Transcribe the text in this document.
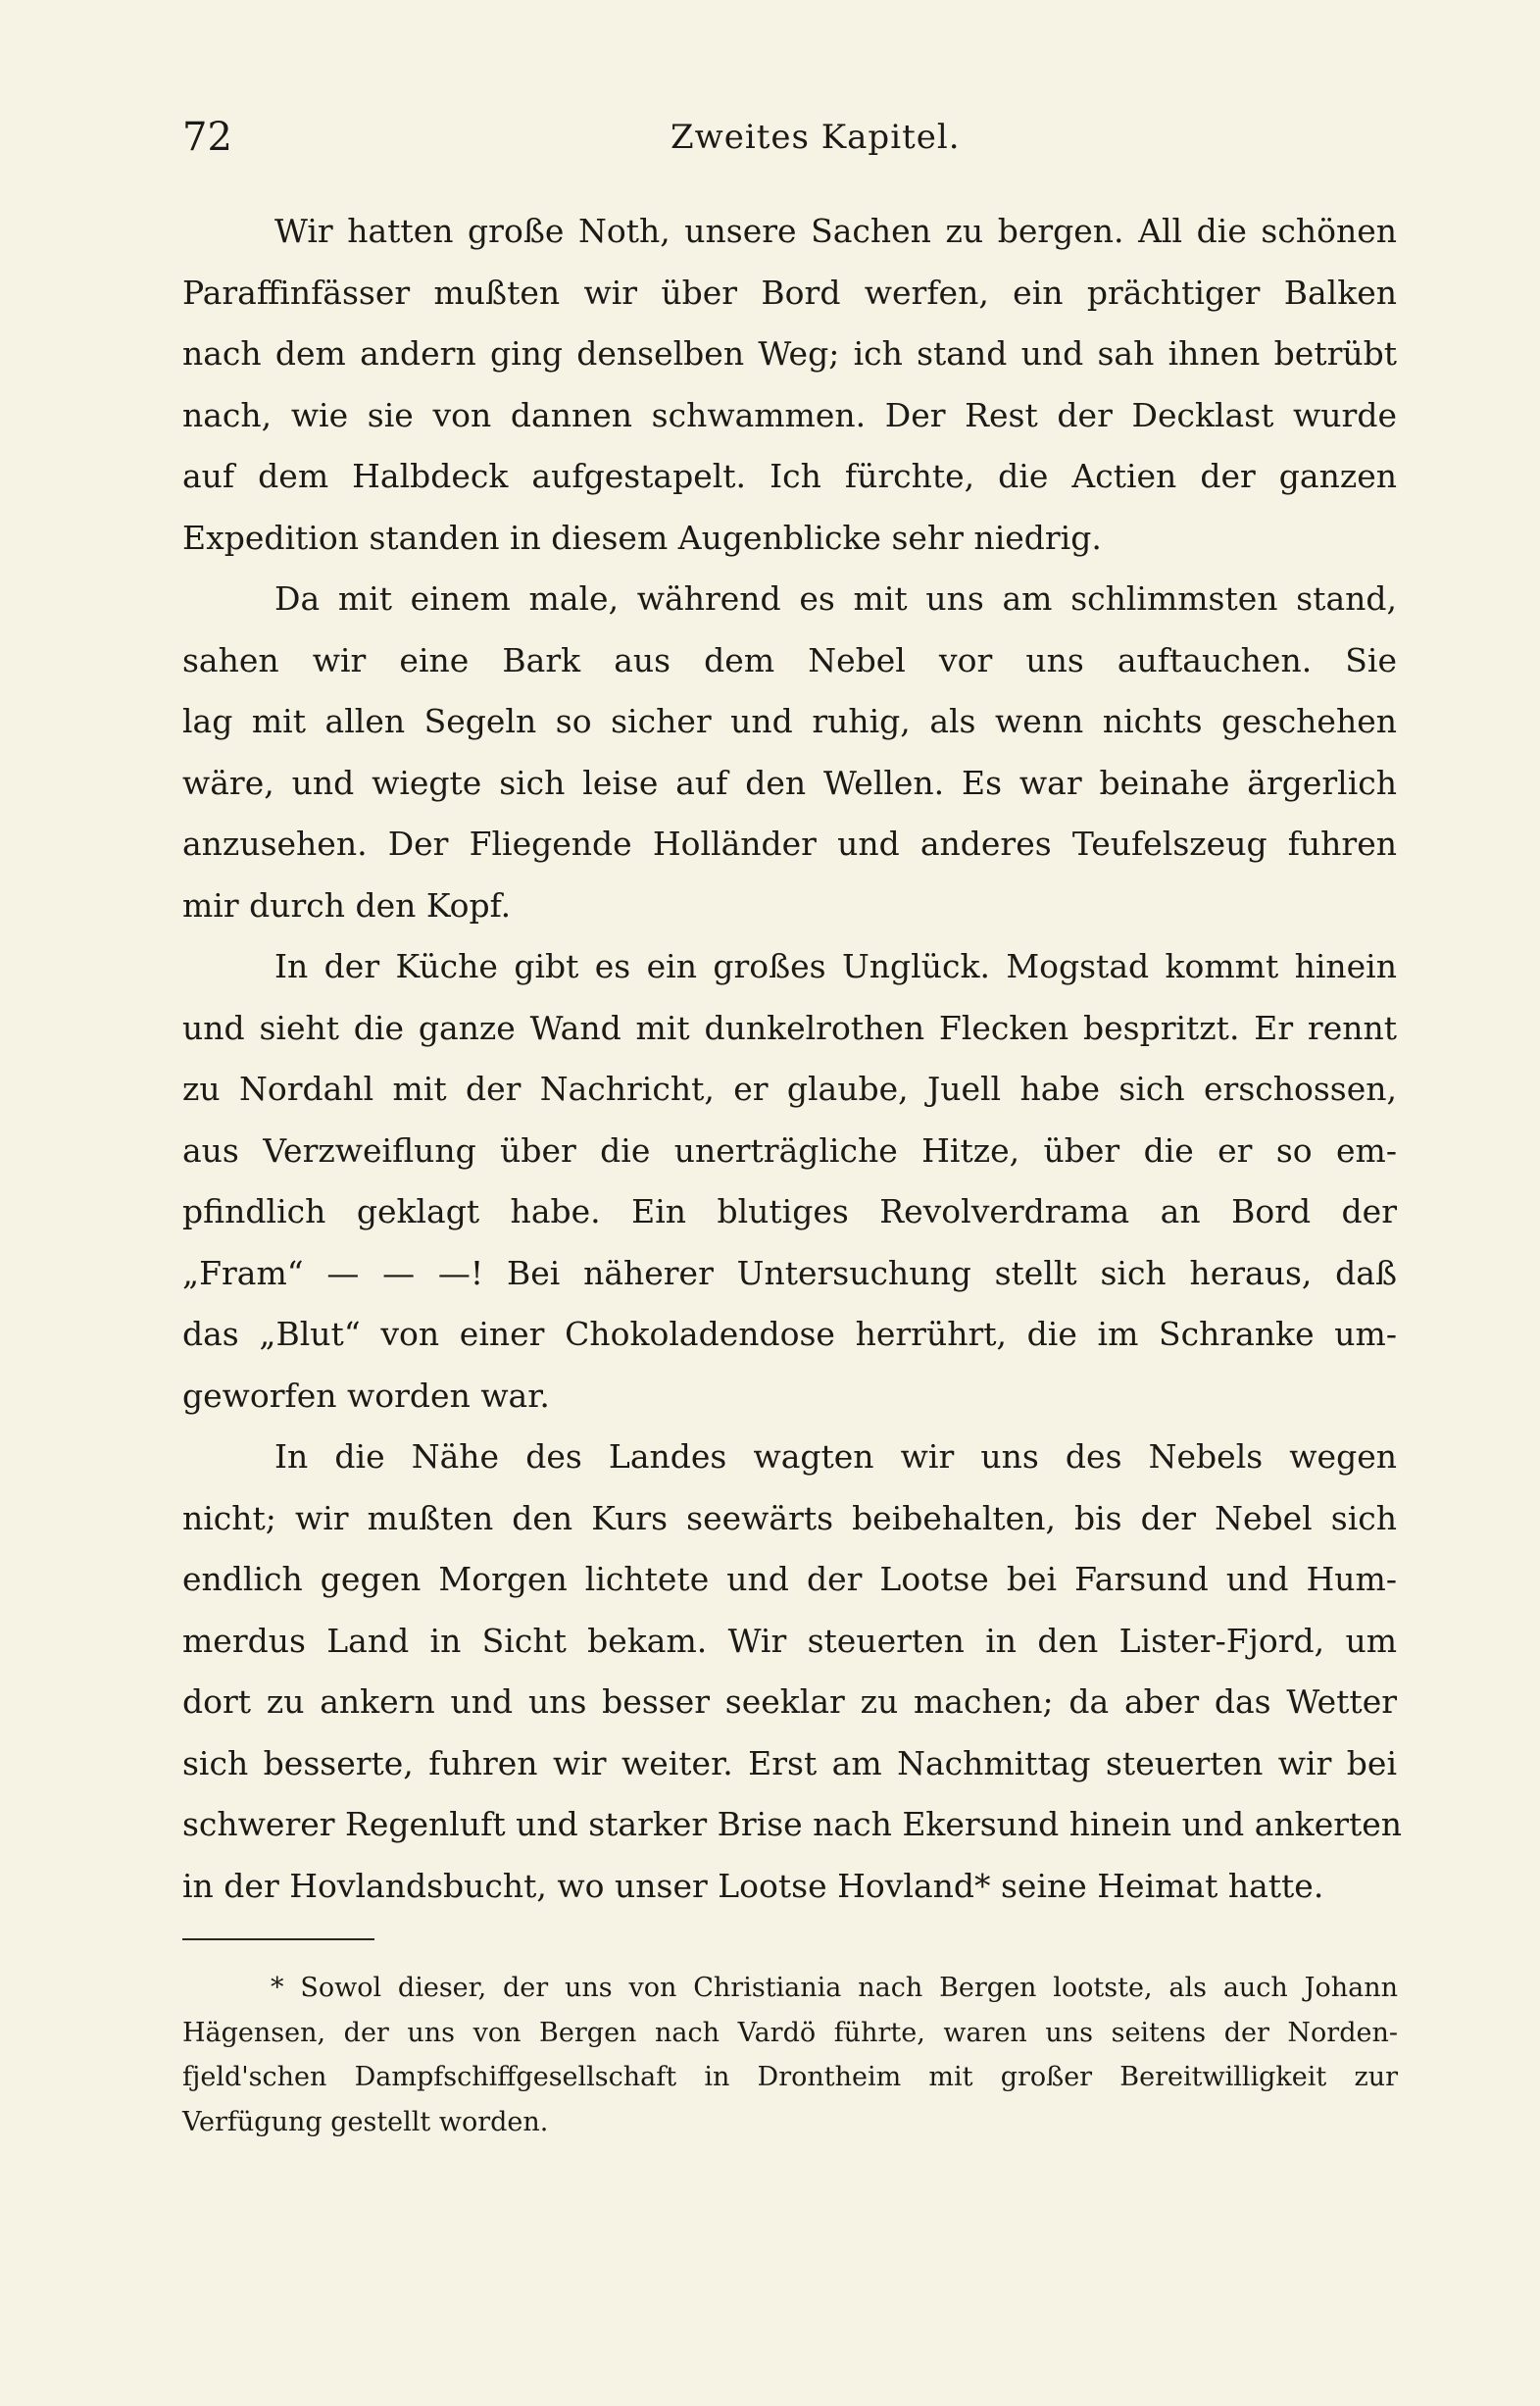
72	Zweites Kapitel.

Wir hatten große Noth, unsere Sachen zu bergen. All die schönen
Paraffinfässer mußten wir über Bord werfen, ein prächtiger Balken
nach dem andern ging denselben Weg; ich stand und sah ihnen betrübt
nach, wie sie von dannen schwammen. Der Rest der Decklast wurde
auf dem Halbdeck aufgestapelt. Ich fürchte, die Actien der ganzen
Expedition standen in diesem Augenblicke sehr niedrig.

Da mit einem male, während es mit uns am schlimmsten stand,
sahen wir eine Bark aus dem Nebel vor uns auftauchen. Sie
lag mit allen Segeln so sicher und ruhig, als wenn nichts geschehen
wäre, und wiegte sich leise auf den Wellen. Es war beinahe ärgerlich
anzusehen. Der Fliegende Holländer und anderes Teufelszeug fuhren
mir durch den Kopf.

In der Küche gibt es ein großes Unglück. Mogstad kommt hinein
und sieht die ganze Wand mit dunkelrothen Flecken bespritzt. Er rennt
zu Nordahl mit der Nachricht, er glaube, Juell habe sich erschossen,
aus Verzweiflung über die unerträgliche Hitze, über die er so em-
pfindlich geklagt habe. Ein blutiges Revolverdrama an Bord der
„Fram“ — — —! Bei näherer Untersuchung stellt sich heraus, daß
das „Blut“ von einer Chokoladendose herrührt, die im Schranke um-
geworfen worden war.

In die Nähe des Landes wagten wir uns des Nebels wegen
nicht; wir mußten den Kurs seewärts beibehalten, bis der Nebel sich
endlich gegen Morgen lichtete und der Lootse bei Farsund und Hum-
merdus Land in Sicht bekam. Wir steuerten in den Lister-Fjord, um
dort zu ankern und uns besser seeklar zu machen; da aber das Wetter
sich besserte, fuhren wir weiter. Erst am Nachmittag steuerten wir bei
schwerer Regenluft und starker Brise nach Ekersund hinein und ankerten
in der Hovlandsbucht, wo unser Lootse Hovland* seine Heimat hatte.

* Sowol dieser, der uns von Christiania nach Bergen lootste, als auch Johann
Hägensen, der uns von Bergen nach Vardö führte, waren uns seitens der Norden-
fjeld'schen Dampfschiffgesellschaft in Drontheim mit großer Bereitwilligkeit zur
Verfügung gestellt worden.
